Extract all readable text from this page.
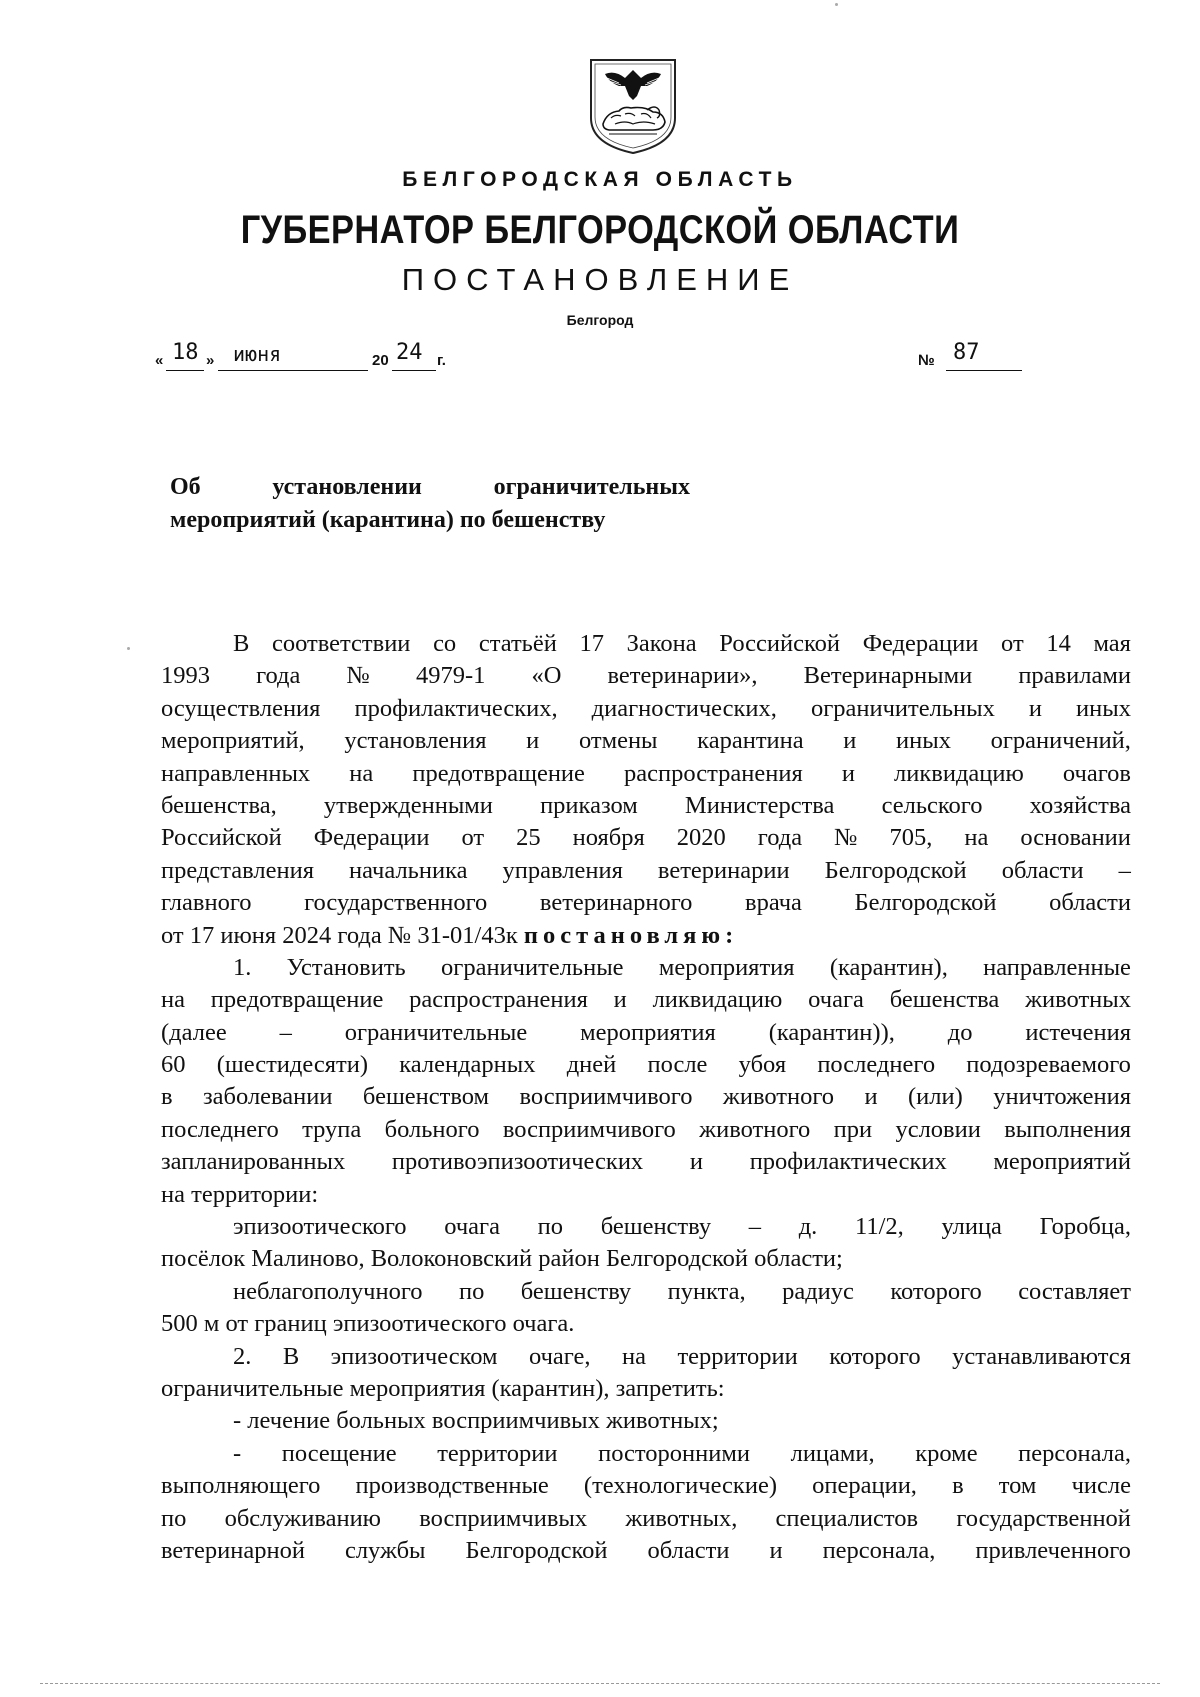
БЕЛГОРОДСКАЯ ОБЛАСТЬ
ГУБЕРНАТОР БЕЛГОРОДСКОЙ ОБЛАСТИ
ПОСТАНОВЛЕНИЕ
Белгород
« 18 » июня	20 24 г.	№ 87
Об	установлении	ограничительных
мероприятий (карантина) по бешенству
В соответствии со статьёй 17 Закона Российской Федерации от 14 мая
1993 года № 4979-1 «О ветеринарии», Ветеринарными правилами
осуществления профилактических, диагностических, ограничительных и иных
мероприятий, установления и отмены карантина и иных ограничений,
направленных на предотвращение распространения и ликвидацию очагов
бешенства, утвержденными приказом Министерства сельского хозяйства
Российской Федерации от 25 ноября 2020 года № 705, на основании
представления начальника управления ветеринарии Белгородской области –
главного государственного ветеринарного врача Белгородской области
от 17 июня 2024 года № 31-01/43к постановляю:
1. Установить ограничительные мероприятия (карантин), направленные
на предотвращение распространения и ликвидацию очага бешенства животных
(далее – ограничительные мероприятия (карантин)), до истечения
60 (шестидесяти) календарных дней после убоя последнего подозреваемого
в заболевании бешенством восприимчивого животного и (или) уничтожения
последнего трупа больного восприимчивого животного при условии выполнения
запланированных противоэпизоотических и профилактических мероприятий
на территории:
эпизоотического очага по бешенству – д. 11/2, улица Горобца,
посёлок Малиново, Волоконовский район Белгородской области;
неблагополучного по бешенству пункта, радиус которого составляет
500 м от границ эпизоотического очага.
2. В эпизоотическом очаге, на территории которого устанавливаются
ограничительные мероприятия (карантин), запретить:
- лечение больных восприимчивых животных;
- посещение территории посторонними лицами, кроме персонала,
выполняющего производственные (технологические) операции, в том числе
по обслуживанию восприимчивых животных, специалистов государственной
ветеринарной службы Белгородской области и персонала, привлеченного
